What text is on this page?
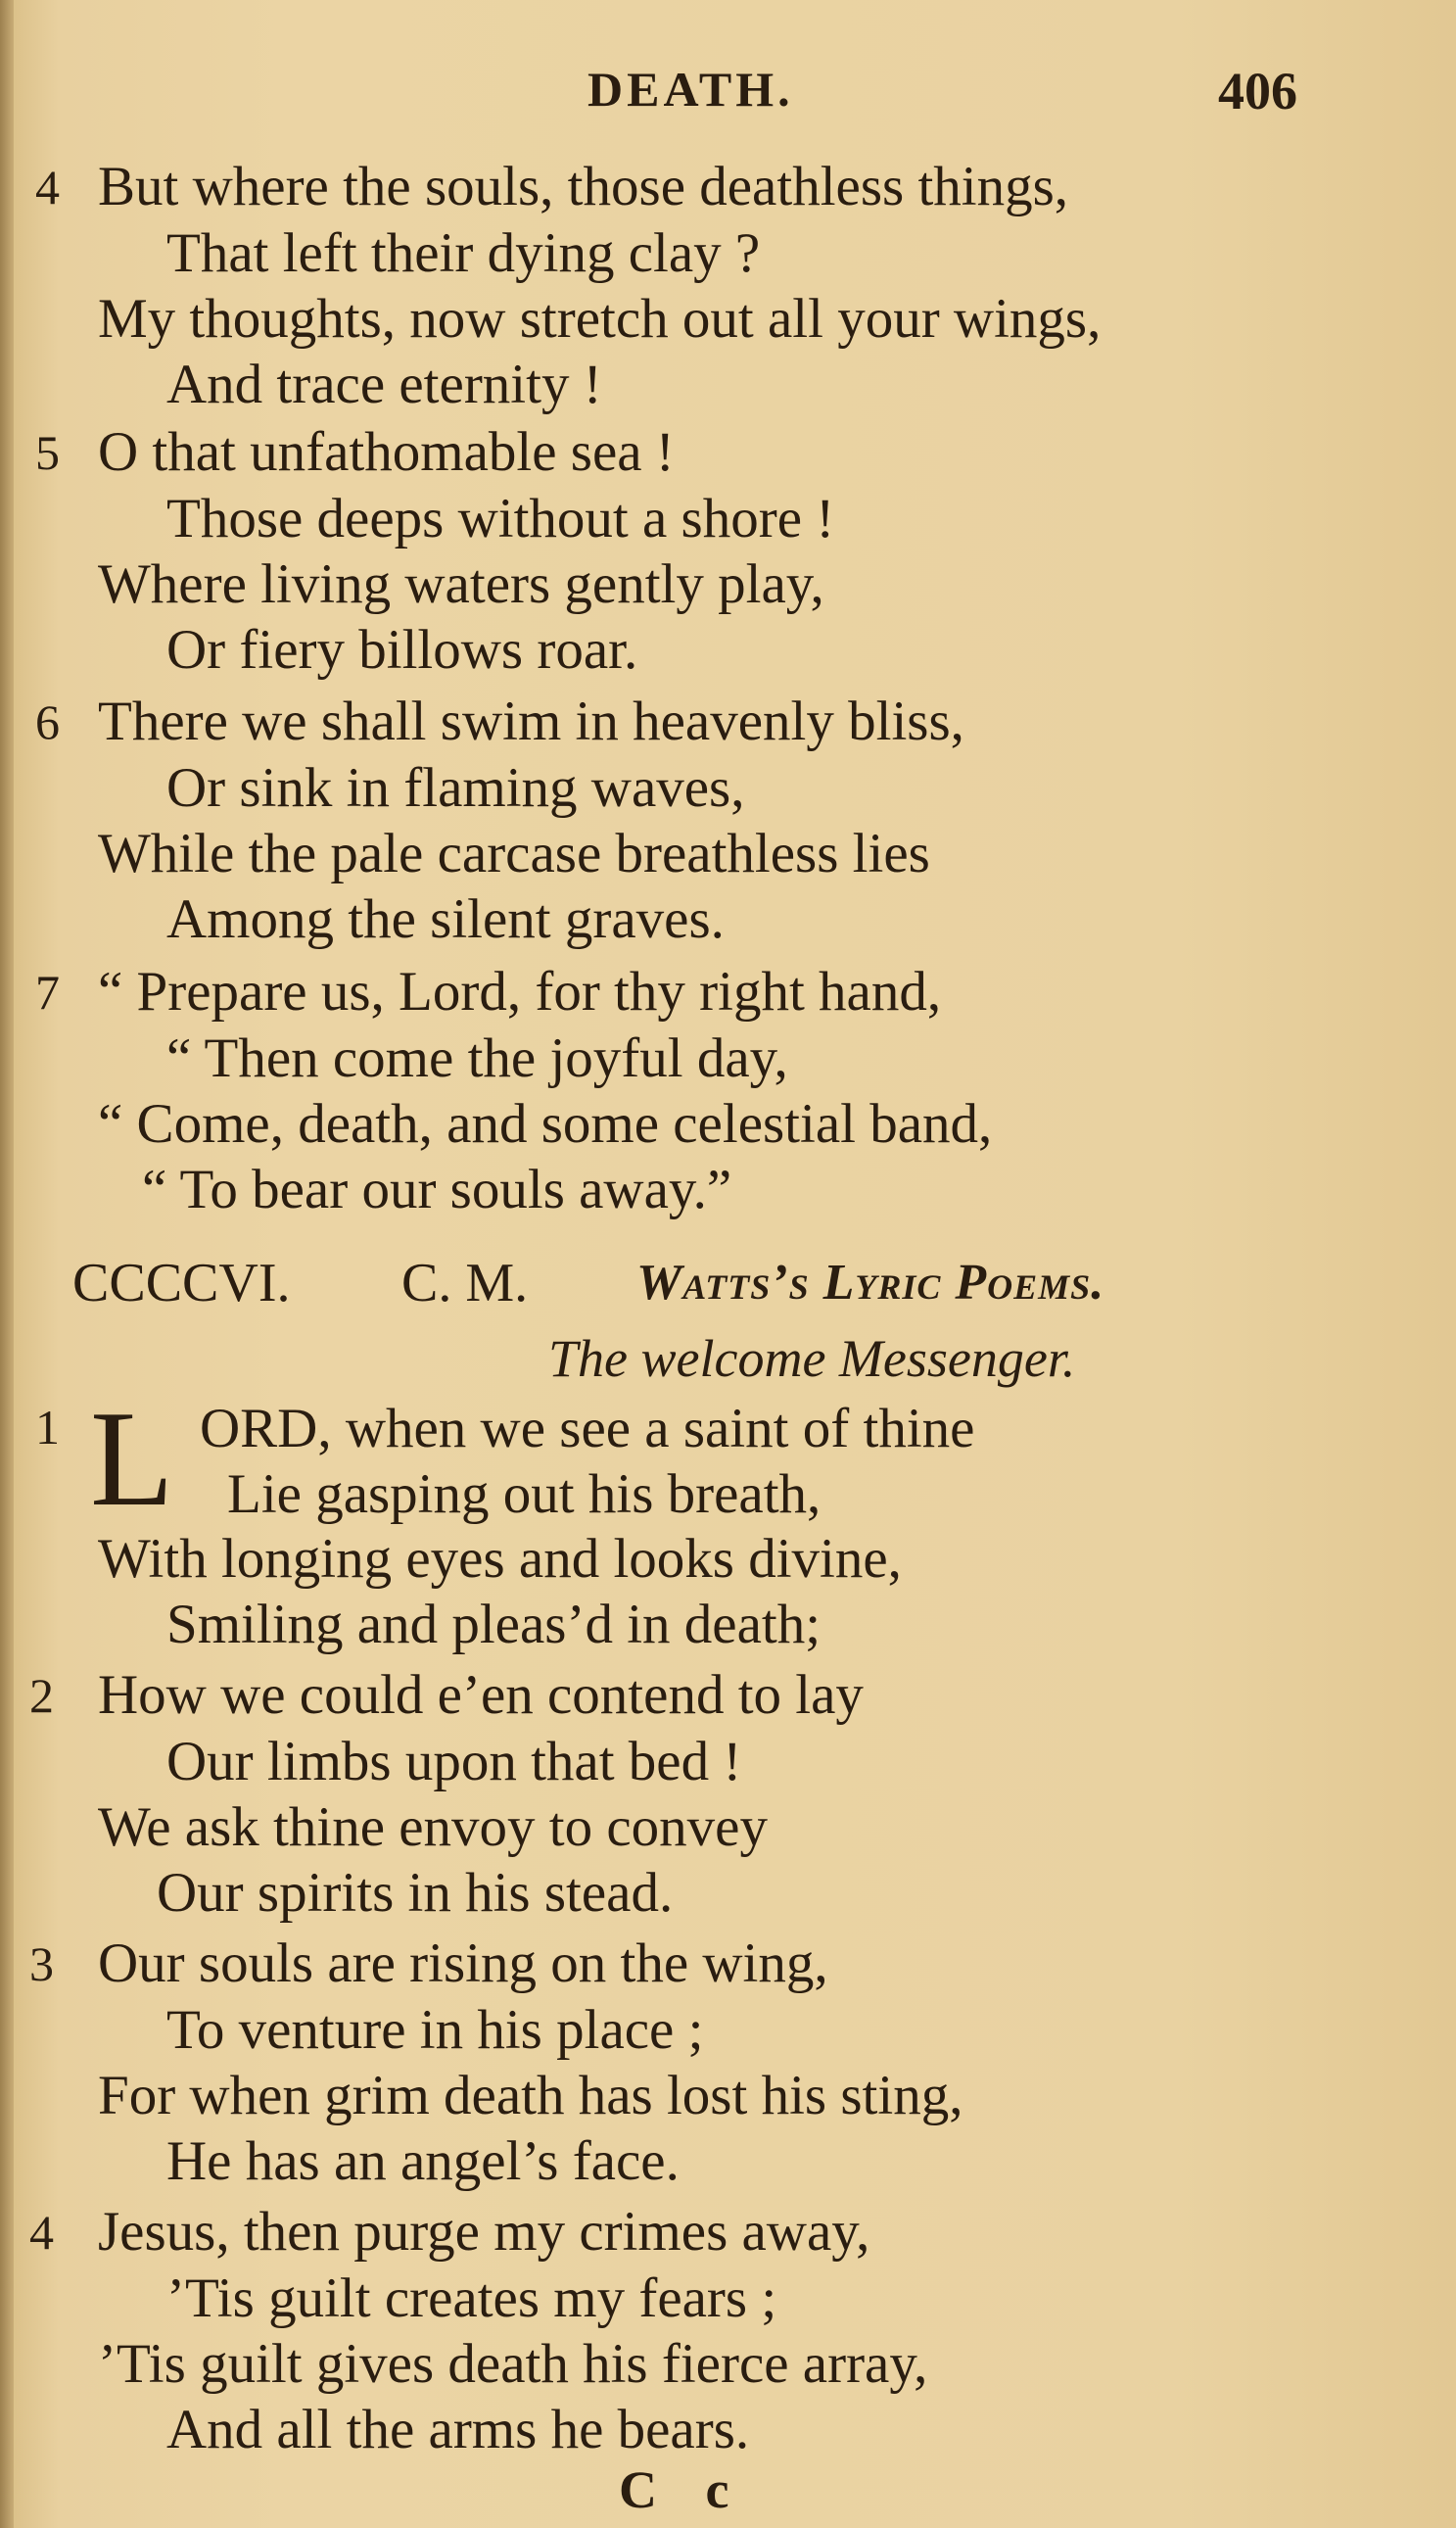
DEATH.	406
4 But where the souls, those deathless things,
That left their dying clay ?
My thoughts, now stretch out all your wings,
And trace eternity !
5 O that unfathomable sea !
Those deeps without a shore !
Where living waters gently play,
Or fiery billows roar.
6 There we shall swim in heavenly bliss,
Or sink in flaming waves,
While the pale carcase breathless lies
Among the silent graves.
7 “ Prepare us, Lord, for thy right hand,
“ Then come the joyful day,
“ Come, death, and some celestial band,
“ To bear our souls away.”
CCCCVI. C. M. Watts’s Lyric Poems.
The welcome Messenger.
1 L ORD, when we see a saint of thine
Lie gasping out his breath,
With longing eyes and looks divine,
Smiling and pleas’d in death;
2 How we could e’en contend to lay
Our limbs upon that bed !
We ask thine envoy to convey
Our spirits in his stead.
3 Our souls are rising on the wing,
To venture in his place ;
For when grim death has lost his sting,
He has an angel’s face.
4 Jesus, then purge my crimes away,
’Tis guilt creates my fears ;
’Tis guilt gives death his fierce array,
And all the arms he bears.
C c
